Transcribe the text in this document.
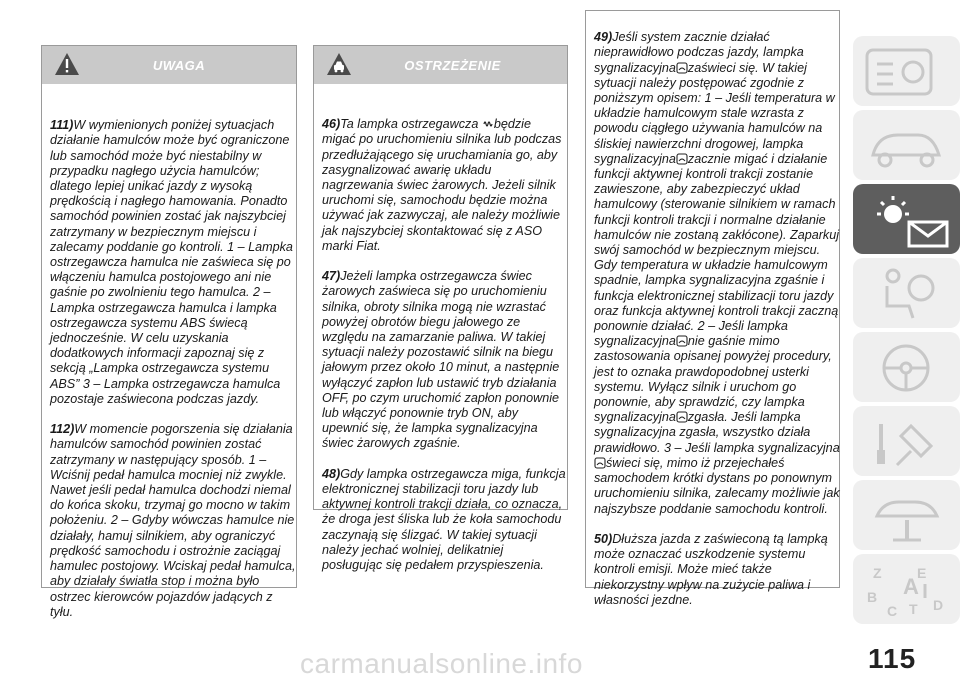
UWAGA

111)W wymienionych poniżej sytuacjach działanie hamulców może być ograniczone lub samochód może być niestabilny w przypadku nagłego użycia hamulców; dlatego lepiej unikać jazdy z wysoką prędkością i nagłego hamowania. Ponadto samochód powinien zostać jak najszybciej zatrzymany w bezpiecznym miejscu i zalecamy poddanie go kontroli. 1 – Lampka ostrzegawcza hamulca nie zaświeca się po włączeniu hamulca postojowego ani nie gaśnie po zwolnieniu tego hamulca. 2 – Lampka ostrzegawcza hamulca i lampka ostrzegawcza systemu ABS świecą jednocześnie. W celu uzyskania dodatkowych informacji zapoznaj się z sekcją „Lampka ostrzegawcza systemu ABS” 3 – Lampka ostrzegawcza hamulca pozostaje zaświecona podczas jazdy.

112)W momencie pogorszenia się działania hamulców samochód powinien zostać zatrzymany w następujący sposób. 1 – Wciśnij pedał hamulca mocniej niż zwykle. Nawet jeśli pedał hamulca dochodzi niemal do końca skoku, trzymaj go mocno w takim położeniu. 2 – Gdyby wówczas hamulce nie działały, hamuj silnikiem, aby ograniczyć prędkość samochodu i ostrożnie zaciągaj hamulec postojowy. Wciskaj pedał hamulca, aby działały światła stop i można było ostrzec kierowców pojazdów jadących z tyłu.

OSTRZEŻENIE

46)Ta lampka ostrzegawcza będzie migać po uruchomieniu silnika lub podczas przedłużającego się uruchamiania go, aby zasygnalizować awarię układu nagrzewania świec żarowych. Jeżeli silnik uruchomi się, samochodu będzie można używać jak zazwyczaj, ale należy możliwie jak najszybciej skontaktować się z ASO marki Fiat.

47)Jeżeli lampka ostrzegawcza świec żarowych zaświeca się po uruchomieniu silnika, obroty silnika mogą nie wzrastać powyżej obrotów biegu jałowego ze względu na zamarzanie paliwa. W takiej sytuacji należy pozostawić silnik na biegu jałowym przez około 10 minut, a następnie wyłączyć zapłon lub ustawić tryb działania OFF, po czym uruchomić zapłon ponownie lub włączyć ponownie tryb ON, aby upewnić się, że lampka sygnalizacyjna świec żarowych zgaśnie.

48)Gdy lampka ostrzegawcza miga, funkcja elektronicznej stabilizacji toru jazdy lub aktywnej kontroli trakcji działa, co oznacza, że droga jest śliska lub że koła samochodu zaczynają się ślizgać. W takiej sytuacji należy jechać wolniej, delikatniej posługując się pedałem przyspieszenia.

49)Jeśli system zacznie działać nieprawidłowo podczas jazdy, lampka sygnalizacyjna zaświeci się. W takiej sytuacji należy postępować zgodnie z poniższym opisem: 1 – Jeśli temperatura w układzie hamulcowym stale wzrasta z powodu ciągłego używania hamulców na śliskiej nawierzchni drogowej, lampka sygnalizacyjna zacznie migać i działanie funkcji aktywnej kontroli trakcji zostanie zawieszone, aby zabezpieczyć układ hamulcowy (sterowanie silnikiem w ramach funkcji kontroli trakcji i normalne działanie hamulców nie zostaną zakłócone). Zaparkuj swój samochód w bezpiecznym miejscu. Gdy temperatura w układzie hamulcowym spadnie, lampka sygnalizacyjna zgaśnie i funkcja elektronicznej stabilizacji toru jazdy oraz funkcja aktywnej kontroli trakcji zaczną ponownie działać. 2 – Jeśli lampka sygnalizacyjna nie gaśnie mimo zastosowania opisanej powyżej procedury, jest to oznaka prawdopodobnej usterki systemu. Wyłącz silnik i uruchom go ponownie, aby sprawdzić, czy lampka sygnalizacyjna zgasła. Jeśli lampka sygnalizacyjna zgasła, wszystko działa prawidłowo. 3 – Jeśli lampka sygnalizacyjnaświeci się, mimo iż przejechałeś samochodem krótki dystans po ponownym uruchomieniu silnika, zalecamy możliwie jak najszybsze poddanie samochodu kontroli.

50)Dłuższa jazda z zaświeconą tą lampką może oznaczać uszkodzenie systemu kontroli emisji. Może mieć także niekorzystny wpływ na zużycie paliwa i własności jezdne.

Z	E
B
C T D
A
carmanualsonline.info	115
